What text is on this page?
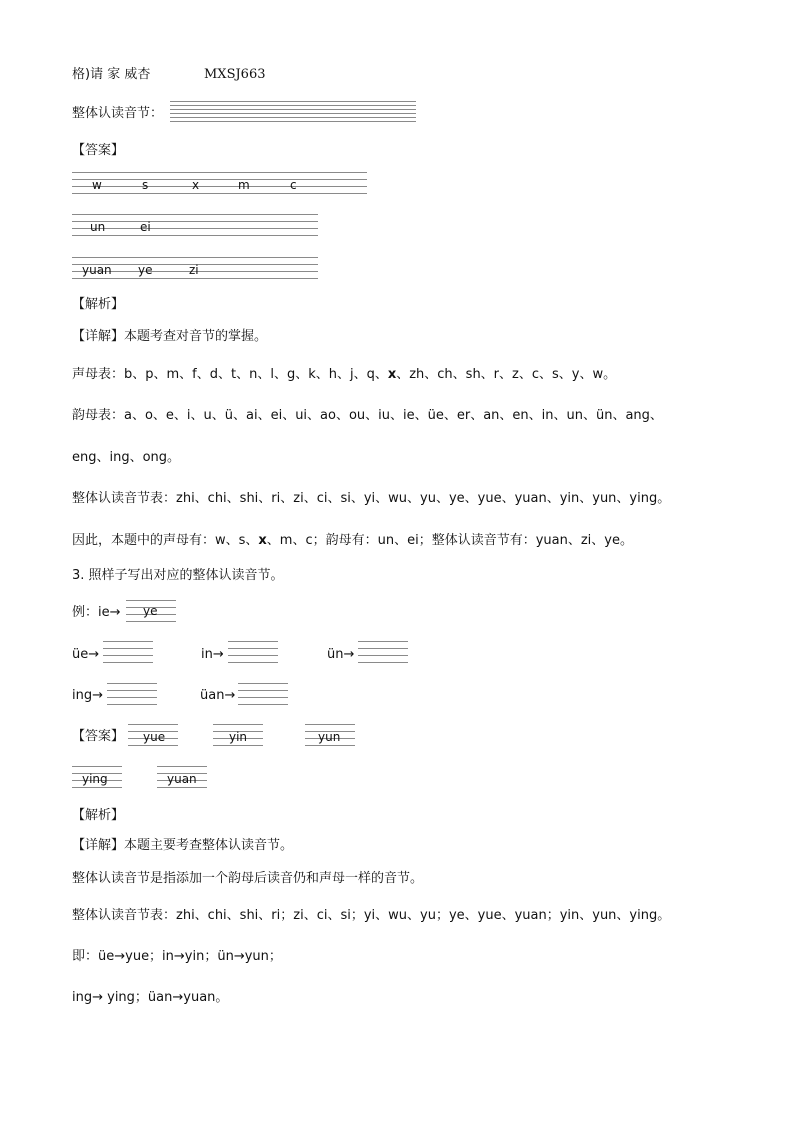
格)请 家 威杏	MXSJ663
整体认读音节：
【答案】
w	s	x	m	c
un	ei
yuan ye	zi
【解析】
【详解】本题考查对音节的掌握。
声母表：b、p、m、f、d、t、n、l、g、k、h、j、q、x、zh、ch、sh、r、z、c、s、y、w。
韵母表：a、o、e、i、u、ü、ai、ei、ui、ao、ou、iu、ie、üe、er、an、en、in、un、ün、ang、
eng、ing、ong。
整体认读音节表：zhi、chi、shi、ri、zi、ci、si、yi、wu、yu、ye、yue、yuan、yin、yun、ying。
因此，本题中的声母有：w、s、x、m、c；韵母有：un、ei；整体认读音节有：yuan、zi、ye。
3. 照样子写出对应的整体认读音节。
例：ie→ ye
üe→	in→	ün→
ing→	üan→
【答案】 yue	yin	yun
ying	yuan
【解析】
【详解】本题主要考查整体认读音节。
整体认读音节是指添加一个韵母后读音仍和声母一样的音节。
整体认读音节表：zhi、chi、shi、ri；zi、ci、si；yi、wu、yu；ye、yue、yuan；yin、yun、ying。
即：üe→yue；in→yin；ün→yun；
ing→ ying；üan→yuan。
